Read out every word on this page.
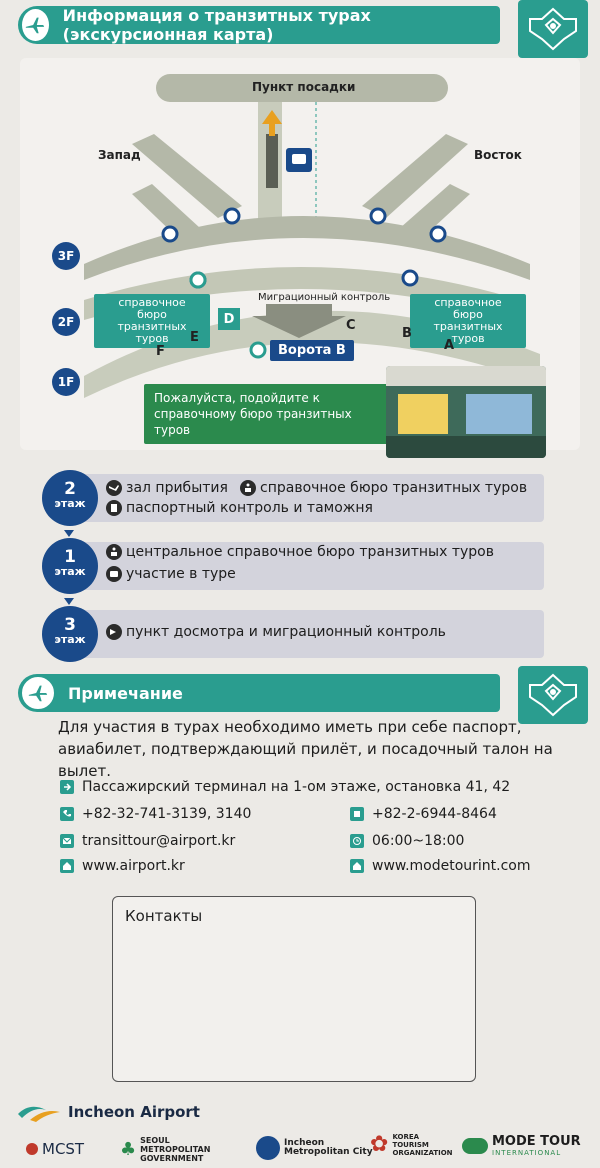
Информация о транзитных турах (экскурсионная карта)
Пункт посадки
Запад	Восток
3F
2F
1F
справочное бюро транзитных туров
справочное бюро транзитных туров
D
Миграционный контроль
A
B
C
E
F	Ворота B
Пожалуйста, подойдите к справочному бюро транзитных туров
2
этаж
зал прибытия справочное бюро транзитных туров
паспортный контроль и таможня
1
этаж
центральное справочное бюро транзитных туров
участие в туре
3
этаж	пункт досмотра и миграционный контроль
Примечание
Для участия в турах необходимо иметь при себе паспорт, авиабилет, подтверждающий прилёт, и посадочный талон на вылет.
Пассажирский терминал на 1-ом этаже, остановка 41, 42
+82-32-741-3139, 3140	+82-2-6944-8464
transittour@airport.kr	06:00~18:00
www.airport.kr	www.modetourint.com
Контакты
Incheon Airport
MCST ♣ SEOUL METROPOLITAN GOVERNMENT
Incheon
Metropolitan City
✿ KOREA TOURISM ORGANIZATION
MODE TOUR
INTERNATIONAL
